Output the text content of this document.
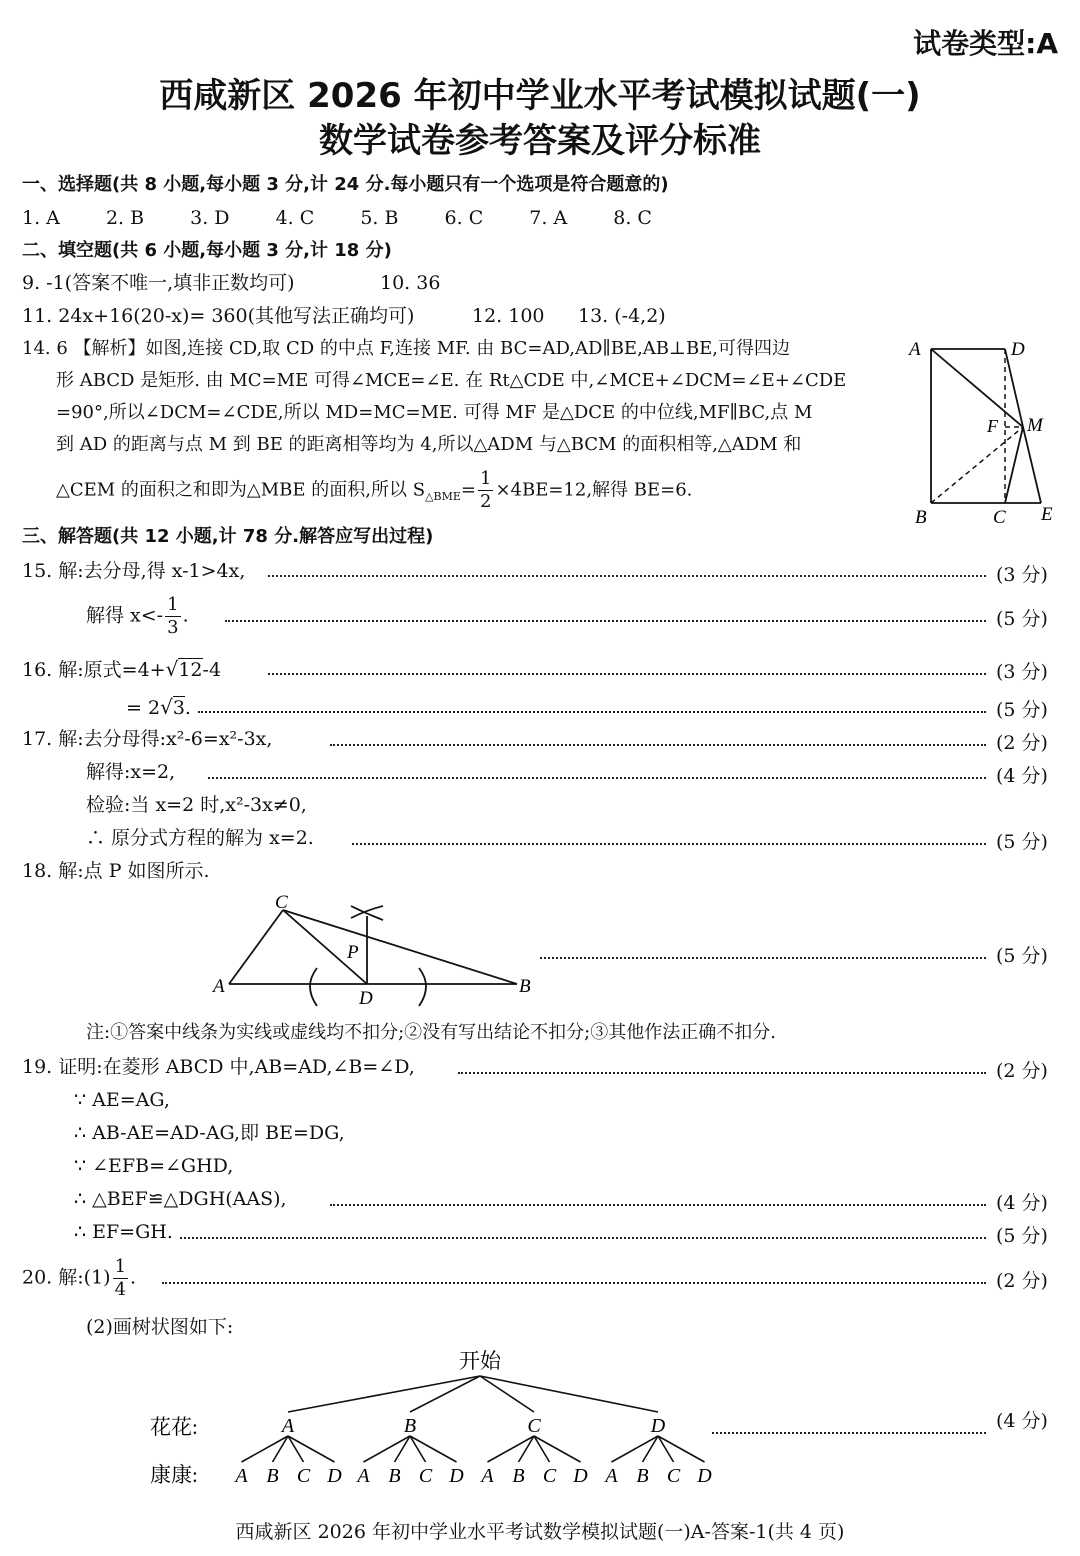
试卷类型:A
西咸新区 2026 年初中学业水平考试模拟试题(一)
数学试卷参考答案及评分标准
一、选择题(共 8 小题,每小题 3 分,计 24 分.每小题只有一个选项是符合题意的)
1. A 2. B 3. D 4. C 5. B 6. C 7. A 8. C
二、填空题(共 6 小题,每小题 3 分,计 18 分)
9. -1(答案不唯一,填非正数均可)	10. 36
11. 24x+16(20-x)= 360(其他写法正确均可)	12. 100 13. (-4,2)
14. 6 【解析】如图,连接 CD,取 CD 的中点 F,连接 MF. 由 BC=AD,AD∥BE,AB⊥BE,可得四边
形 ABCD 是矩形. 由 MC=ME 可得∠MCE=∠E. 在 Rt△CDE 中,∠MCE+∠DCM=∠E+∠CDE
=90°,所以∠DCM=∠CDE,所以 MD=MC=ME. 可得 MF 是△DCE 的中位线,MF∥BC,点 M
到 AD 的距离与点 M 到 BE 的距离相等均为 4,所以△ADM 与△BCM 的面积相等,△ADM 和
△CEM 的面积之和即为△MBE 的面积,所以 $S_{\triangle BME}= \frac{1}{2} \times 4BE=12$,解得 BE=6.
A	D
F M
B	C E
三、解答题(共 12 小题,计 78 分.解答应写出过程)
15. 解:去分母,得 x-1>4x,	(3 分)
解得 $x<- \frac{1}{3}$ .	(5 分)
16. 解:原式=4+√12-4	(3 分)
= 2√3.	(5 分)
17. 解:去分母得:x²-6=x²-3x,	(2 分)
解得:x=2,	(4 分)
检验:当 x=2 时,x²-3x≠0,
∴ 原分式方程的解为 x=2.	(5 分)
18. 解:点 P 如图所示.
A
C
P
D
B
(5 分)
注:①答案中线条为实线或虚线均不扣分;②没有写出结论不扣分;③其他作法正确不扣分.
19. 证明:在菱形 ABCD 中,AB=AD,∠B=∠D,	(2 分)
∵ AE=AG,
∴ AB-AE=AD-AG,即 BE=DG,
∵ ∠EFB=∠GHD,
∴ △BEF≌△DGH(AAS),	(4 分)
∴ EF=GH.	(5 分)
20. 解:(1) $\frac{1}{4}$ .	(2 分)
(2)画树状图如下:
开始
花花:
康康:
A
A B C D
B
A B C D
C
A B C D
D
A B C D
(4 分)
西咸新区 2026 年初中学业水平考试数学模拟试题(一)A-答案-1(共 4 页)
